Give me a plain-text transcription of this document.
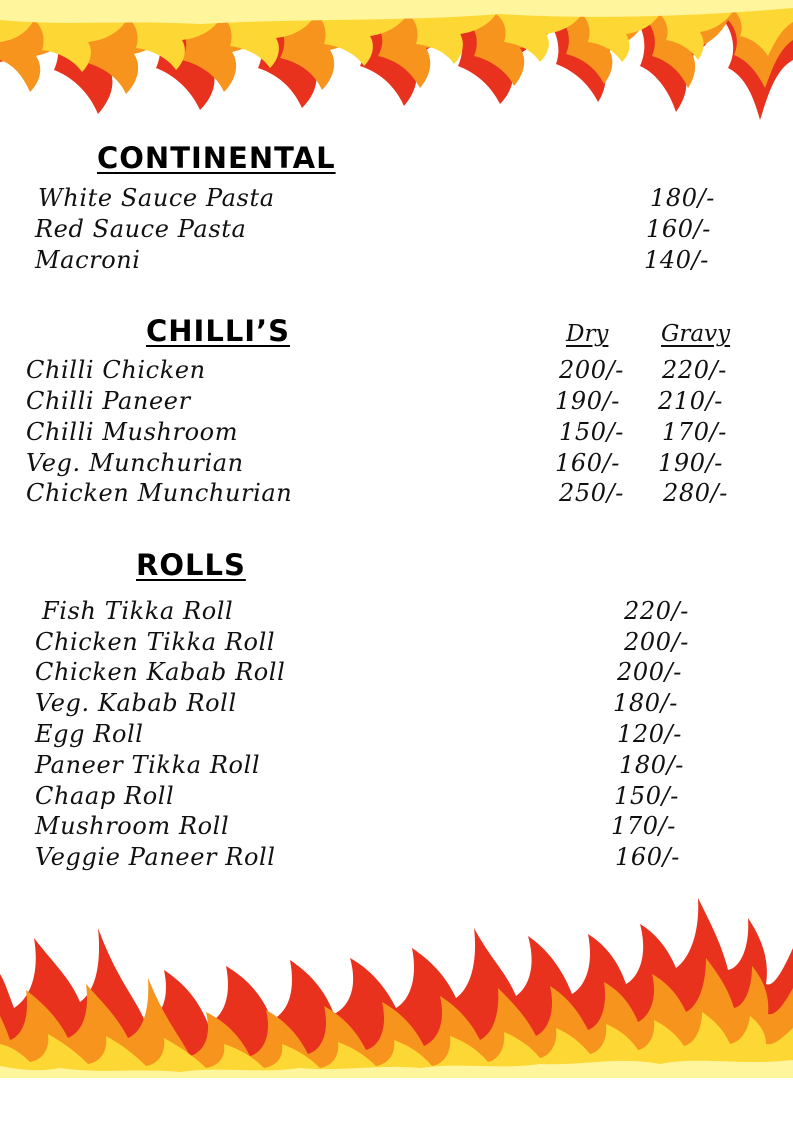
CONTINENTAL
White Sauce Pasta	180/-
Red Sauce Pasta	160/-
Macroni	140/-
CHILLI’S	Dry Gravy
Chilli Chicken	200/- 220/-
Chilli Paneer	190/- 210/-
Chilli Mushroom	150/- 170/-
Veg. Munchurian	160/- 190/-
Chicken Munchurian	250/- 280/-
ROLLS
Fish Tikka Roll	220/-
Chicken Tikka Roll	200/-
Chicken Kabab Roll	200/-
Veg. Kabab Roll	180/-
Egg Roll	120/-
Paneer Tikka Roll	180/-
Chaap Roll	150/-
Mushroom Roll	170/-
Veggie Paneer Roll	160/-
